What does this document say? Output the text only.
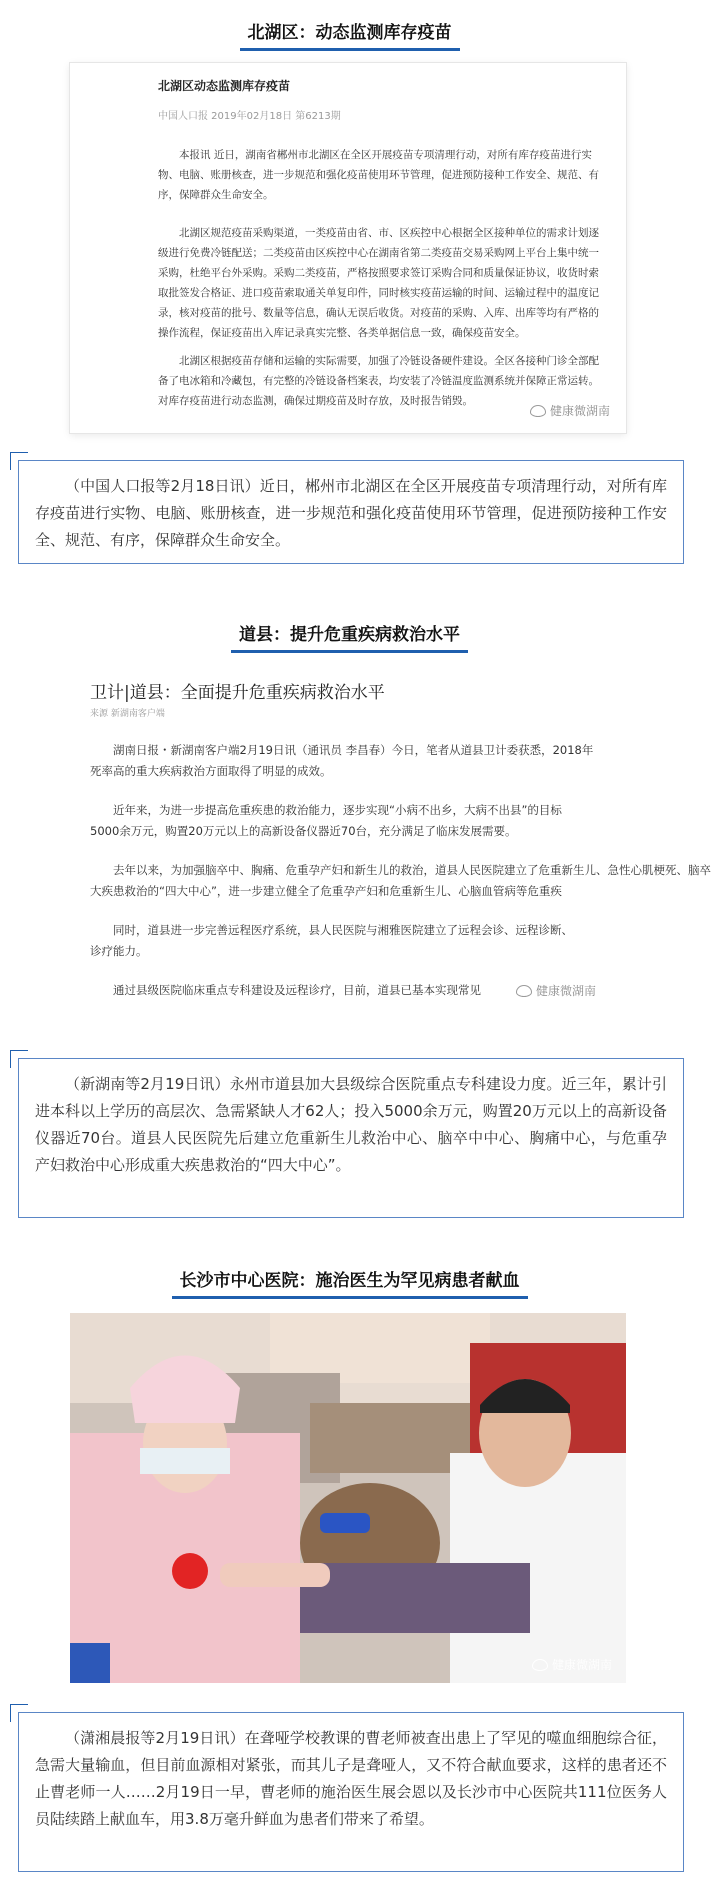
北湖区：动态监测库存疫苗
北湖区动态监测库存疫苗
中国人口报 2019年02月18日 第6213期
本报讯 近日，湖南省郴州市北湖区在全区开展疫苗专项清理行动，对所有库存疫苗进行实物、电脑、账册核查，进一步规范和强化疫苗使用环节管理，促进预防接种工作安全、规范、有序，保障群众生命安全。
北湖区规范疫苗采购渠道，一类疫苗由省、市、区疾控中心根据全区接种单位的需求计划逐级进行免费冷链配送；二类疫苗由区疾控中心在湖南省第二类疫苗交易采购网上平台上集中统一采购，杜绝平台外采购。采购二类疫苗，严格按照要求签订采购合同和质量保证协议，收货时索取批签发合格证、进口疫苗索取通关单复印件，同时核实疫苗运输的时间、运输过程中的温度记录，核对疫苗的批号、数量等信息，确认无误后收货。对疫苗的采购、入库、出库等均有严格的操作流程，保证疫苗出入库记录真实完整、各类单据信息一致，确保疫苗安全。
北湖区根据疫苗存储和运输的实际需要，加强了冷链设备硬件建设。全区各接种门诊全部配备了电冰箱和冷藏包，有完整的冷链设备档案表，均安装了冷链温度监测系统并保障正常运转。对库存疫苗进行动态监测，确保过期疫苗及时存放，及时报告销毁。
健康微湖南
（中国人口报等2月18日讯）近日，郴州市北湖区在全区开展疫苗专项清理行动，对所有库存疫苗进行实物、电脑、账册核查，进一步规范和强化疫苗使用环节管理，促进预防接种工作安全、规范、有序，保障群众生命安全。
道县：提升危重疾病救治水平
卫计|道县：全面提升危重疾病救治水平
来源 新湖南客户端
湖南日报・新湖南客户端2月19日讯（通讯员 李昌春）今日，笔者从道县卫计委获悉，2018年
死率高的重大疾病救治方面取得了明显的成效。
近年来，为进一步提高危重疾患的救治能力，逐步实现“小病不出乡，大病不出县”的目标
5000余万元，购置20万元以上的高新设备仪器近70台，充分满足了临床发展需要。
去年以来，为加强脑卒中、胸痛、危重孕产妇和新生儿的救治，道县人民医院建立了危重新生儿、急性心肌梗死、脑卒
大疾患救治的“四大中心”，进一步建立健全了危重孕产妇和危重新生儿、心脑血管病等危重疾
同时，道县进一步完善远程医疗系统，县人民医院与湘雅医院建立了远程会诊、远程诊断、
诊疗能力。
通过县级医院临床重点专科建设及远程诊疗，目前，道县已基本实现常见	健康微湖南
（新湖南等2月19日讯）永州市道县加大县级综合医院重点专科建设力度。近三年，累计引进本科以上学历的高层次、急需紧缺人才62人；投入5000余万元，购置20万元以上的高新设备仪器近70台。道县人民医院先后建立危重新生儿救治中心、脑卒中中心、胸痛中心，与危重孕产妇救治中心形成重大疾患救治的“四大中心”。
长沙市中心医院：施治医生为罕见病患者献血
健康微湖南
（潇湘晨报等2月19日讯）在聋哑学校教课的曹老师被查出患上了罕见的噬血细胞综合征，急需大量输血，但目前血源相对紧张，而其儿子是聋哑人，又不符合献血要求，这样的患者还不止曹老师一人……2月19日一早，曹老师的施治医生展会恩以及长沙市中心医院共111位医务人员陆续踏上献血车，用3.8万毫升鲜血为患者们带来了希望。
